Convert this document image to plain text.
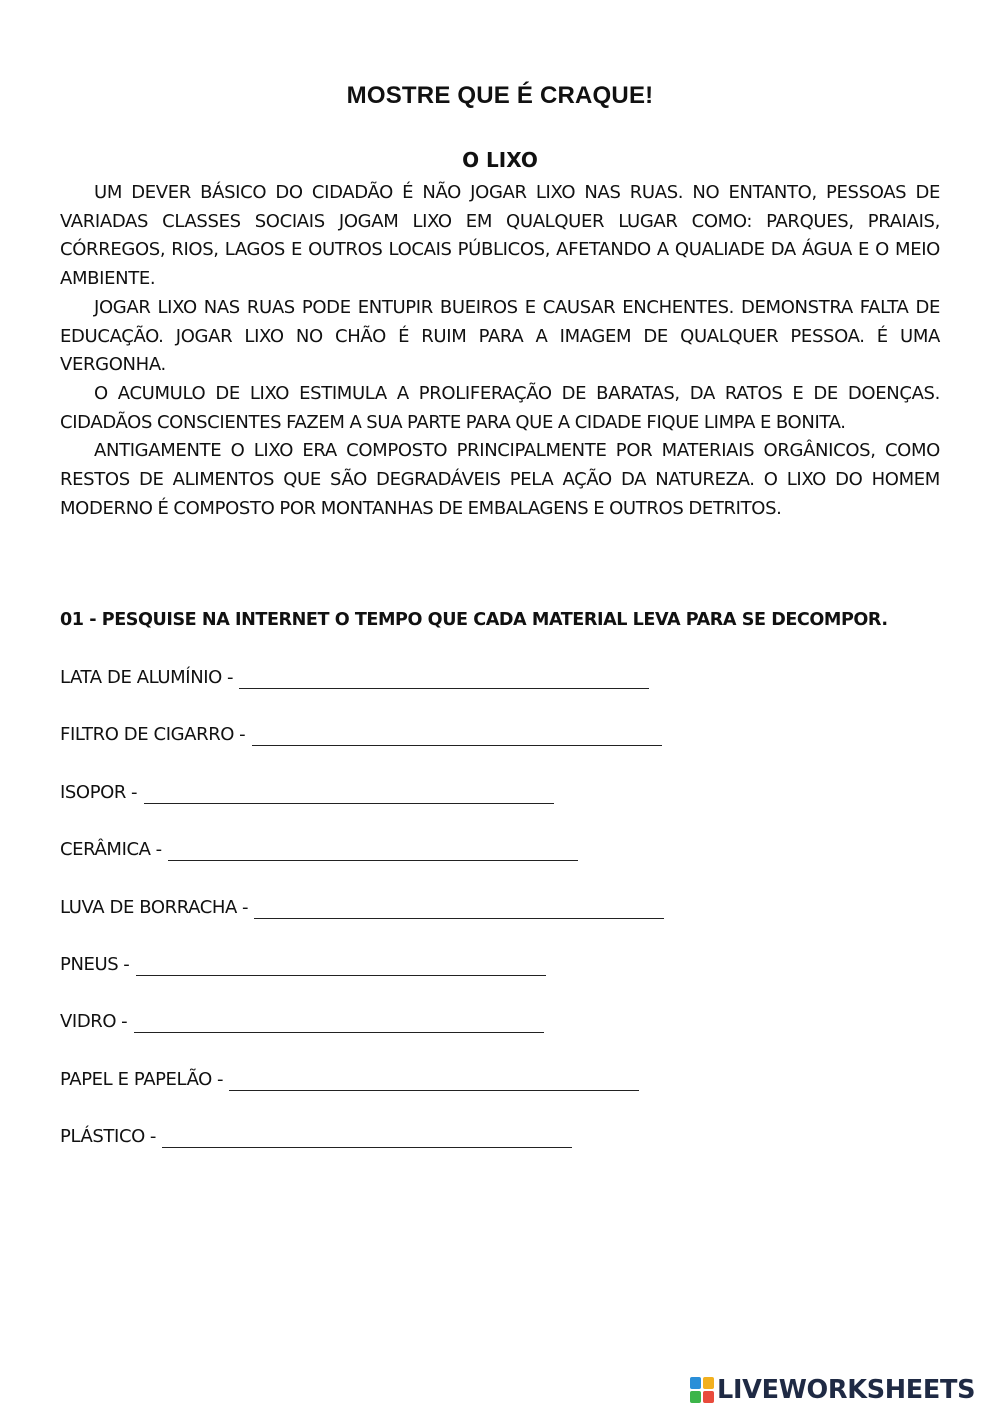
MOSTRE QUE É CRAQUE!
O LIXO

UM DEVER BÁSICO DO CIDADÃO É NÃO JOGAR LIXO NAS RUAS. NO ENTANTO, PESSOAS DE VARIADAS CLASSES SOCIAIS JOGAM LIXO EM QUALQUER LUGAR COMO: PARQUES, PRAIAIS, CÓRREGOS, RIOS, LAGOS E OUTROS LOCAIS PÚBLICOS, AFETANDO A QUALIADE DA ÁGUA E O MEIO AMBIENTE.

JOGAR LIXO NAS RUAS PODE ENTUPIR BUEIROS E CAUSAR ENCHENTES. DEMONSTRA FALTA DE EDUCAÇÃO. JOGAR LIXO NO CHÃO É RUIM PARA A IMAGEM DE QUALQUER PESSOA. É UMA VERGONHA.

O ACUMULO DE LIXO ESTIMULA A PROLIFERAÇÃO DE BARATAS, DA RATOS E DE DOENÇAS. CIDADÃOS CONSCIENTES FAZEM A SUA PARTE PARA QUE A CIDADE FIQUE LIMPA E BONITA.

ANTIGAMENTE O LIXO ERA COMPOSTO PRINCIPALMENTE POR MATERIAIS ORGÂNICOS, COMO RESTOS DE ALIMENTOS QUE SÃO DEGRADÁVEIS PELA AÇÃO DA NATUREZA. O LIXO DO HOMEM MODERNO É COMPOSTO POR MONTANHAS DE EMBALAGENS E OUTROS DETRITOS.

01 - PESQUISE NA INTERNET O TEMPO QUE CADA MATERIAL LEVA PARA SE DECOMPOR.

LATA DE ALUMÍNIO -
FILTRO DE CIGARRO -
ISOPOR -
CERÂMICA -
LUVA DE BORRACHA -
PNEUS -
VIDRO -
PAPEL E PAPELÃO -
PLÁSTICO -
LIVEWORKSHEETS
